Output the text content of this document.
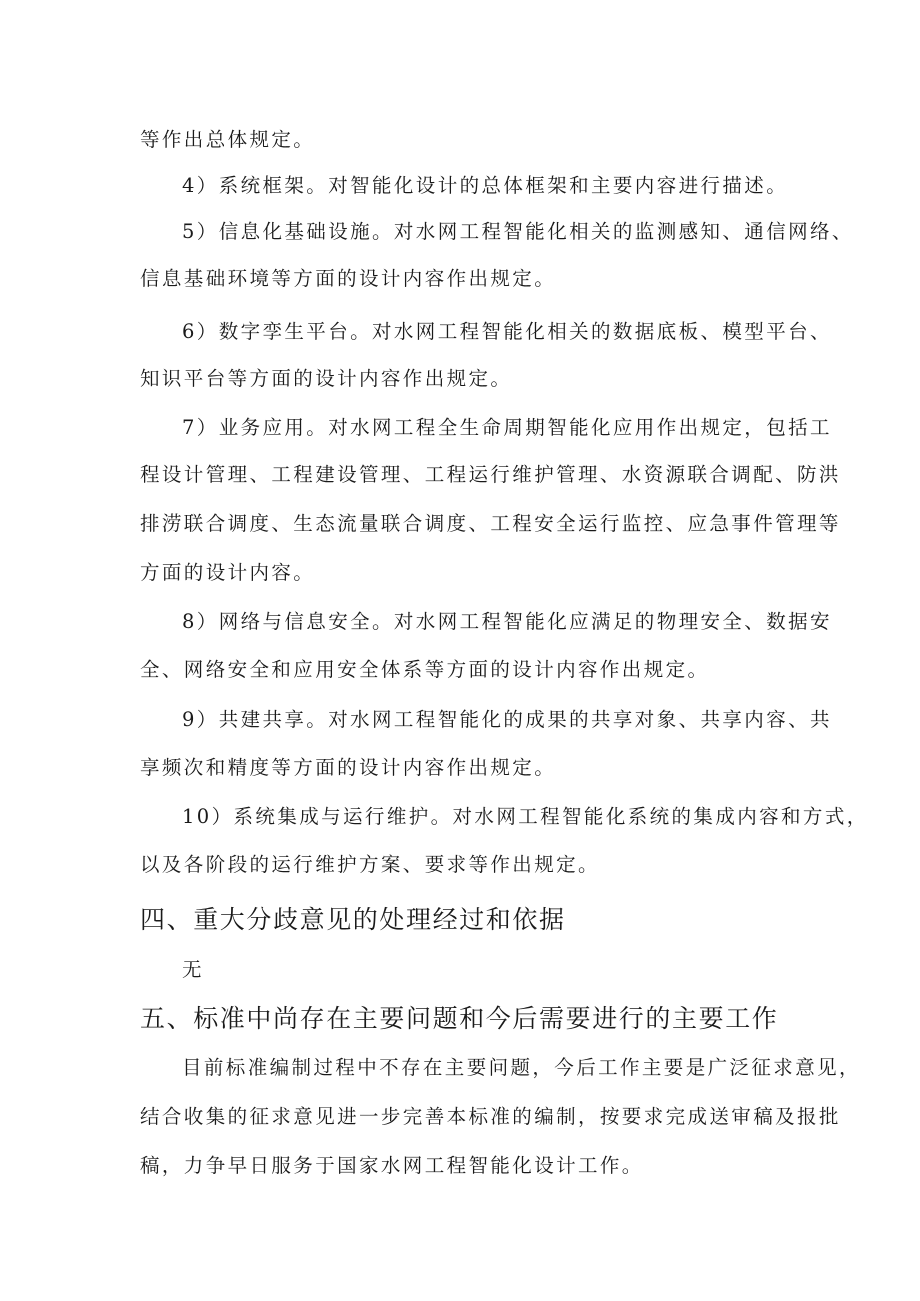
等作出总体规定。
4）系统框架。对智能化设计的总体框架和主要内容进行描述。
5）信息化基础设施。对水网工程智能化相关的监测感知、通信网络、
信息基础环境等方面的设计内容作出规定。
6）数字孪生平台。对水网工程智能化相关的数据底板、模型平台、
知识平台等方面的设计内容作出规定。
7）业务应用。对水网工程全生命周期智能化应用作出规定，包括工
程设计管理、工程建设管理、工程运行维护管理、水资源联合调配、防洪
排涝联合调度、生态流量联合调度、工程安全运行监控、应急事件管理等
方面的设计内容。
8）网络与信息安全。对水网工程智能化应满足的物理安全、数据安
全、网络安全和应用安全体系等方面的设计内容作出规定。
9）共建共享。对水网工程智能化的成果的共享对象、共享内容、共
享频次和精度等方面的设计内容作出规定。
10）系统集成与运行维护。对水网工程智能化系统的集成内容和方式，
以及各阶段的运行维护方案、要求等作出规定。
四、重大分歧意见的处理经过和依据
无
五、标准中尚存在主要问题和今后需要进行的主要工作
目前标准编制过程中不存在主要问题，今后工作主要是广泛征求意见，
结合收集的征求意见进一步完善本标准的编制，按要求完成送审稿及报批
稿，力争早日服务于国家水网工程智能化设计工作。
